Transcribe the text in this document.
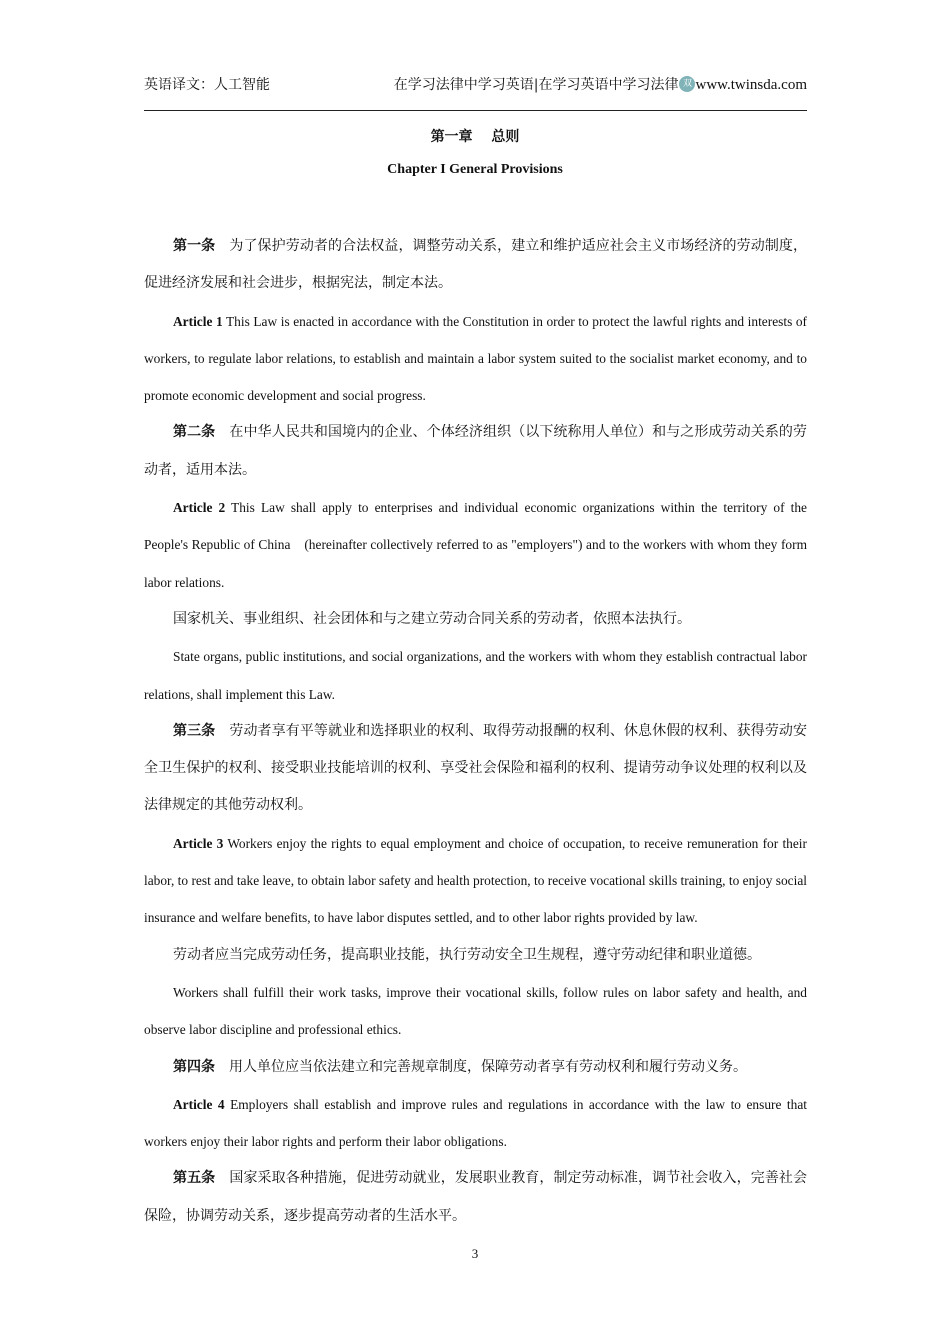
英语译文：人工智能	在学习法律中学习英语|在学习英语中学习法律 双 www.twinsda.com
第一章　 总则
Chapter I General Provisions

第一条　为了保护劳动者的合法权益，调整劳动关系，建立和维护适应社会主义市场经济的劳动制度，促进经济发展和社会进步，根据宪法，制定本法。

Article 1 This Law is enacted in accordance with the Constitution in order to protect the lawful rights and interests of workers, to regulate labor relations, to establish and maintain a labor system suited to the socialist market economy, and to promote economic development and social progress.

第二条　在中华人民共和国境内的企业、个体经济组织（以下统称用人单位）和与之形成劳动关系的劳动者，适用本法。

Article 2 This Law shall apply to enterprises and individual economic organizations within the territory of the People's Republic of China　(hereinafter collectively referred to as "employers") and to the workers with whom they form labor relations.

国家机关、事业组织、社会团体和与之建立劳动合同关系的劳动者，依照本法执行。

State organs, public institutions, and social organizations, and the workers with whom they establish contractual labor relations, shall implement this Law.

第三条　劳动者享有平等就业和选择职业的权利、取得劳动报酬的权利、休息休假的权利、获得劳动安全卫生保护的权利、接受职业技能培训的权利、享受社会保险和福利的权利、提请劳动争议处理的权利以及法律规定的其他劳动权利。

Article 3 Workers enjoy the rights to equal employment and choice of occupation, to receive remuneration for their labor, to rest and take leave, to obtain labor safety and health protection, to receive vocational skills training, to enjoy social insurance and welfare benefits, to have labor disputes settled, and to other labor rights provided by law.

劳动者应当完成劳动任务，提高职业技能，执行劳动安全卫生规程，遵守劳动纪律和职业道德。

Workers shall fulfill their work tasks, improve their vocational skills, follow rules on labor safety and health, and observe labor discipline and professional ethics.

第四条　用人单位应当依法建立和完善规章制度，保障劳动者享有劳动权利和履行劳动义务。

Article 4 Employers shall establish and improve rules and regulations in accordance with the law to ensure that workers enjoy their labor rights and perform their labor obligations.

第五条　国家采取各种措施，促进劳动就业，发展职业教育，制定劳动标准，调节社会收入，完善社会保险，协调劳动关系，逐步提高劳动者的生活水平。

3
